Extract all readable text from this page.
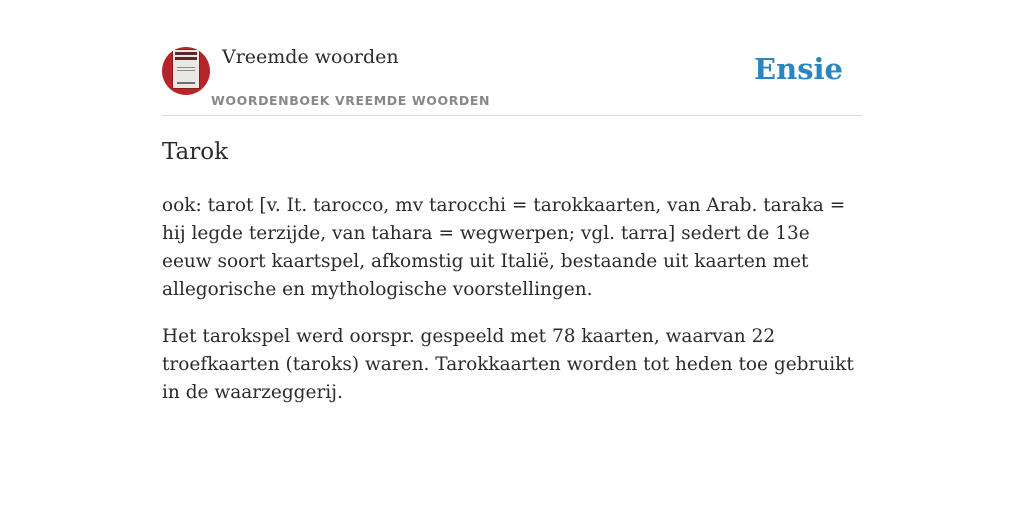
Vreemde woorden
WOORDENBOEK VREEMDE WOORDEN
Ensie
Tarok

ook: tarot [v. It. tarocco, mv tarocchi = tarokkaarten, van Arab. taraka = hij legde terzijde, van tahara = wegwerpen; vgl. tarra] sedert de 13e eeuw soort kaartspel, afkomstig uit Italië, bestaande uit kaarten met allegorische en mythologische voorstellingen.

Het tarokspel werd oorspr. gespeeld met 78 kaarten, waarvan 22 troefkaarten (taroks) waren. Tarokkaarten worden tot heden toe gebruikt in de waarzeggerij.
